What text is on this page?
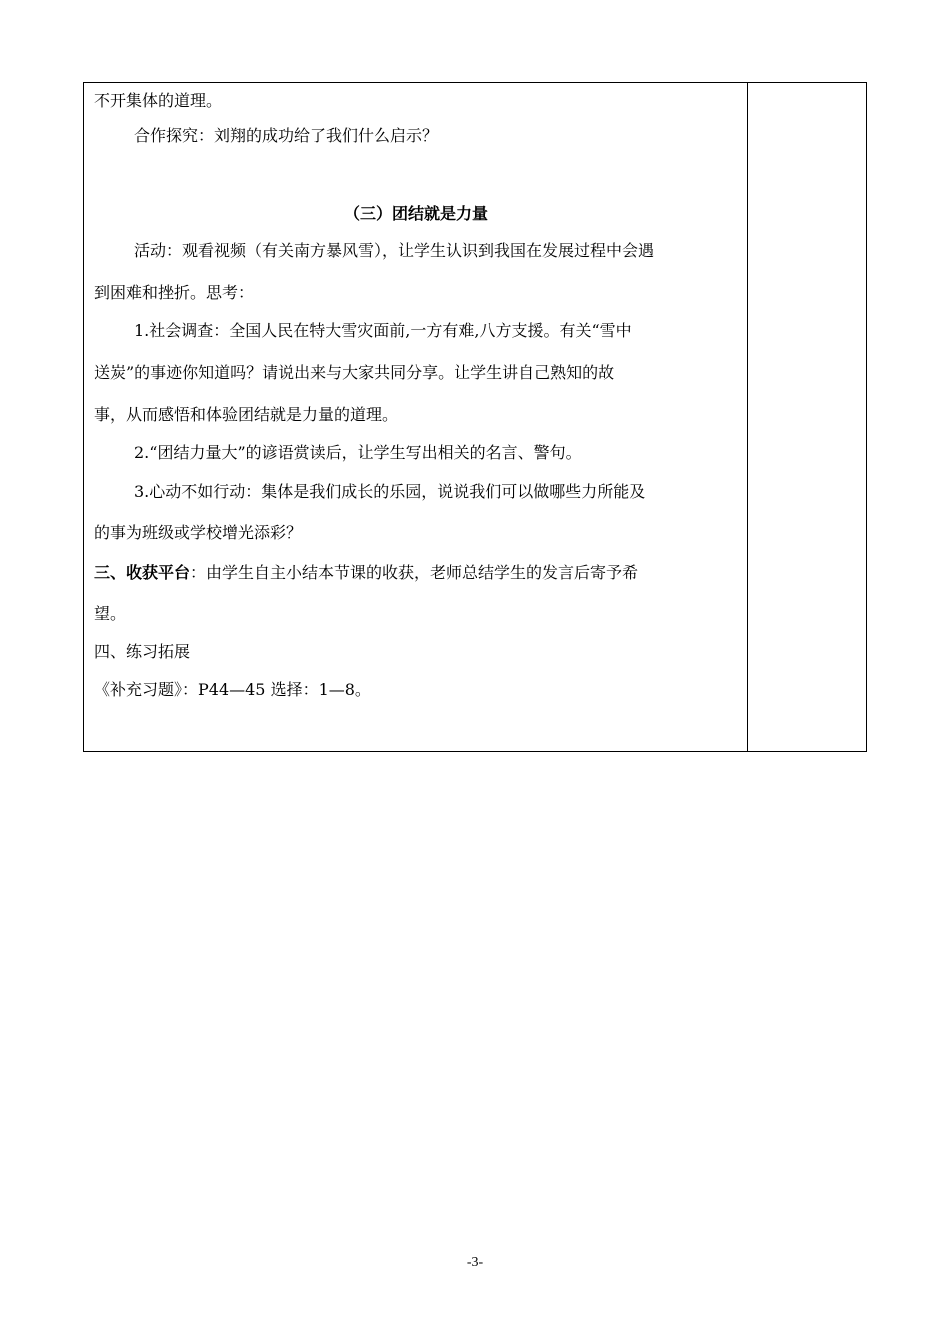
不开集体的道理。
合作探究：刘翔的成功给了我们什么启示？
（三）团结就是力量
活动：观看视频（有关南方暴风雪），让学生认识到我国在发展过程中会遇
到困难和挫折。思考：
1.社会调查：全国人民在特大雪灾面前,一方有难,八方支援。有关“雪中
送炭”的事迹你知道吗？请说出来与大家共同分享。让学生讲自己熟知的故
事，从而感悟和体验团结就是力量的道理。
2.“团结力量大”的谚语赏读后，让学生写出相关的名言、警句。
3.心动不如行动：集体是我们成长的乐园，说说我们可以做哪些力所能及
的事为班级或学校增光添彩？
三、收获平台：由学生自主小结本节课的收获，老师总结学生的发言后寄予希
望。
四、练习拓展
《补充习题》：P44—45 选择：1—8。
-3-
